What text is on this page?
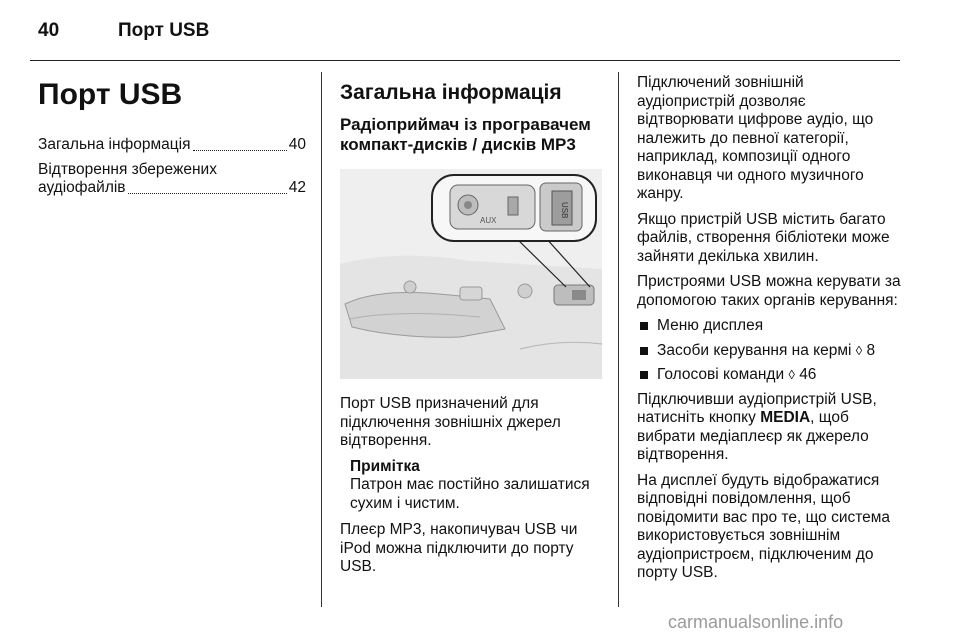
40	Порт USB
Порт USB
Загальна інформація	40
Відтворення збережених
аудіофайлів	42
Загальна інформація
Радіоприймач із програвачем компакт-дисків / дисків MP3
AUX
USB

Порт USB призначений для підключення зовнішніх джерел відтворення.

Примітка
Патрон має постійно залишатися сухим і чистим.

Плеєр MP3, накопичувач USB чи iPod можна підключити до порту USB.

Підключений зовнішній аудіопристрій дозволяє відтворювати цифрове аудіо, що належить до певної категорії, наприклад, композиції одного виконавця чи одного музичного жанру.

Якщо пристрій USB містить багато файлів, створення бібліотеки може зайняти декілька хвилин.

Пристроями USB можна керувати за допомогою таких органів керування:

Меню дисплея
Засоби керування на кермі ◊ 8
Голосові команди ◊ 46

Підключивши аудіопристрій USB, натисніть кнопку MEDIA, щоб вибрати медіаплеєр як джерело відтворення.

На дисплеї будуть відображатися відповідні повідомлення, щоб повідомити вас про те, що система використовується зовнішнім аудіопристроєм, підключеним до порту USB.

carmanualsonline.info
